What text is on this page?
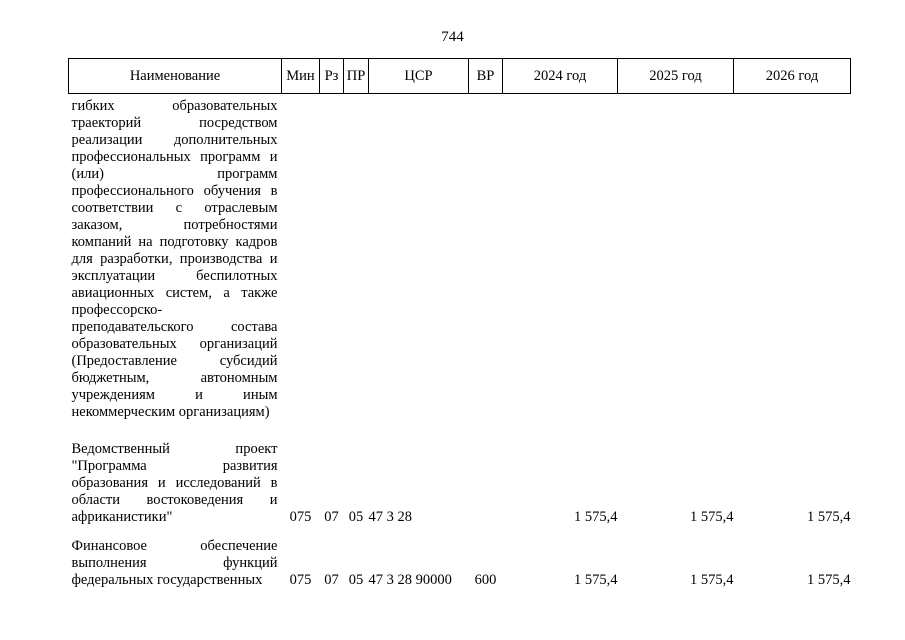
744
Наименование	Мин	Рз	ПР	ЦСР	ВР	2024 год	2025 год	2026 год
гибких образовательных траекторий посредством реализации дополнительных профессиональных программ и (или) программ профессионального обучения в соответствии с отраслевым заказом, потребностями компаний на подготовку кадров для разработки, производства и эксплуатации беспилотных авиационных систем, а также профессорско-преподавательского состава образовательных организаций (Предоставление субсидий бюджетным, автономным учреждениям и иным некоммерческим организациям)								

Ведомственный проект "Программа развития образования и исследований в области востоковедения и африканистики"	075	07	05	47 3 28		1 575,4	1 575,4	1 575,4

Финансовое обеспечение выполнения функций федеральных государственных	075	07	05	47 3 28 90000	600	1 575,4	1 575,4	1 575,4
